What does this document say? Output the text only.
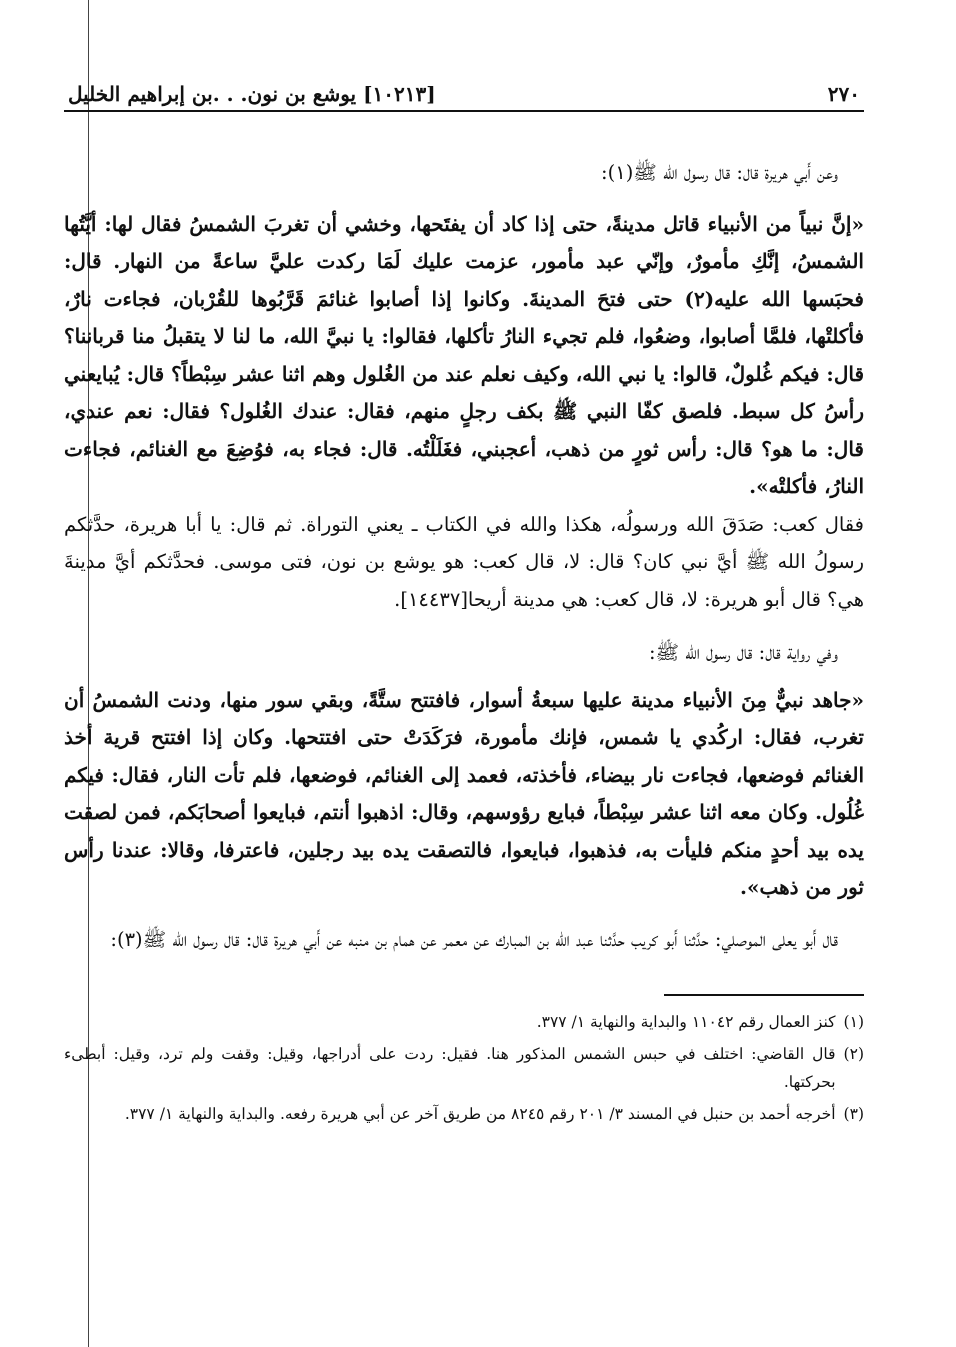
٢٧٠
[١٠٢١٣] يوشع بن نون. . .بن إبراهيم الخليل

وعن أَبي هريرة قال: قال رسول الله ﷺ(١):

«إنَّ نبياً من الأنبياء قاتل مدينةً، حتى إذا كاد أن يفتَحها، وخشي أن تغربَ الشمسُ فقال لها: أيَّتُها الشمسُ، إنَّكِ مأمورٌ، وإنّي عبد مأمور، عزمت عليك لَمَا ركدت عليَّ ساعةً من النهار. قال: فحبَسها الله عليه(٢) حتى فتحَ المدينةَ. وكانوا إذا أصابوا غنائمَ قَرَّبُوها للقُرْبان، فجاءت نارٌ، فأكلتْها، فلمَّا أصابوا، وضعُوا، فلم تجيء النارُ تأكلها، فقالوا: يا نبيَّ الله، ما لنا لا يتقبلُ منا قرباننا؟ قال: فيكم غُلولٌ، قالوا: يا نبي الله، وكيف نعلم عند من الغُلول وهم اثنا عشر سِبْطاً؟ قال: يُبايعني رأسُ كل سبط. فلصق كفّا النبي ﷺ بكف رجلٍ منهم، فقال: عندك الغُلول؟ فقال: نعم عندي، قال: ما هو؟ قال: رأس ثورٍ من ذهب، أعجبني، فغَلَلْتُه. قال: فجاء به، فوُضِعَ مع الغنائم، فجاءت النارُ، فأكلتْه».

فقال كعب: صَدَقَ الله ورسولُه، هكذا والله في الكتاب ـ يعني التوراة. ثم قال: يا أبا هريرة، حدَّثكم رسولُ الله ﷺ أيَّ نبي كان؟ قال: لا، قال كعب: هو يوشع بن نون، فتى موسى. فحدَّثكم أيَّ مدينةَ هي؟ قال أبو هريرة: لا، قال كعب: هي مدينة أريحا[١٤٤٣٧].

وفي رواية قال: قال رسول الله ﷺ:

«جاهد نبيٌّ مِنَ الأنبياء مدينة عليها سبعةُ أسوار، فافتتح ستَّةً، وبقي سور منها، ودنت الشمسُ أن تغرب، فقال: اركُدي يا شمس، فإنك مأمورة، فرَكَدَتْ حتى افتتحها. وكان إذا افتتح قرية أخذ الغنائم فوضعها، فجاءت نار بيضاء، فأخذته، فعمد إلى الغنائم، فوضعها، فلم تأت النار، فقال: فيكم غُلُول. وكان معه اثنا عشر سِبْطاً، فبايع رؤوسهم، وقال: اذهبوا أنتم، فبايعوا أصحابَكم، فمن لصقت يده بيد أحدٍ منكم فليأت به، فذهبوا، فبايعوا، فالتصقت يده بيد رجلين، فاعترفا، وقالا: عندنا رأس ثور من ذهب».

قال أَبو يعلى الموصلي: حدَّثنا أَبو كريب حدَّثنا عبد الله بن المبارك عن معمر عن همام بن منبه عن أَبي هريرة قال: قال رسول الله ﷺ(٣):

(١)
كنز العمال رقم ١١٠٤٢ والبداية والنهاية ١/ ٣٧٧.
(٢)
قال القاضي: اختلف في حبس الشمس المذكور هنا. فقيل: ردت على أدراجها، وقيل: وقفت ولم ترد، وقيل: أبطىء بحركتها.
(٣)
أخرجه أحمد بن حنبل في المسند ٣/ ٢٠١ رقم ٨٢٤٥ من طريق آخر عن أبي هريرة رفعه. والبداية والنهاية ١/ ٣٧٧.
